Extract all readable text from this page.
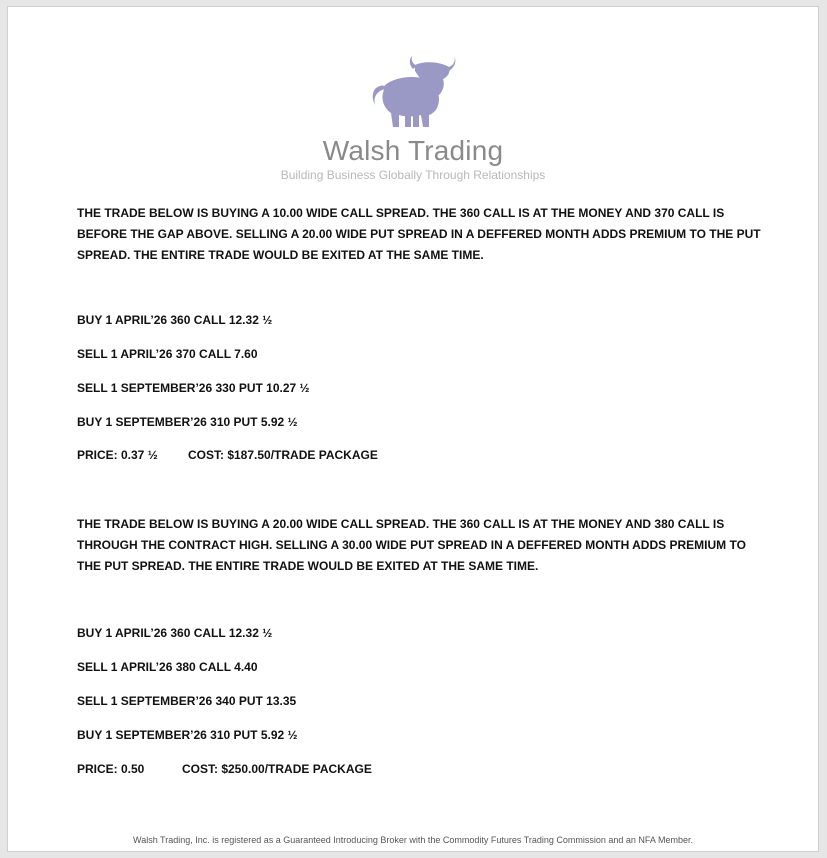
Walsh Trading
Building Business Globally Through Relationships

THE TRADE BELOW IS BUYING A 10.00 WIDE CALL SPREAD. THE 360 CALL IS AT THE MONEY AND 370 CALL IS BEFORE THE GAP ABOVE. SELLING A 20.00 WIDE PUT SPREAD IN A DEFFERED MONTH ADDS PREMIUM TO THE PUT SPREAD. THE ENTIRE TRADE WOULD BE EXITED AT THE SAME TIME.

BUY 1 APRIL’26 360 CALL 12.32 ½

SELL 1 APRIL’26 370 CALL 7.60

SELL 1 SEPTEMBER’26 330 PUT 10.27 ½

BUY 1 SEPTEMBER’26 310 PUT 5.92 ½

PRICE: 0.37 ½	COST: $187.50/TRADE PACKAGE

THE TRADE BELOW IS BUYING A 20.00 WIDE CALL SPREAD. THE 360 CALL IS AT THE MONEY AND 380 CALL IS THROUGH THE CONTRACT HIGH. SELLING A 30.00 WIDE PUT SPREAD IN A DEFFERED MONTH ADDS PREMIUM TO THE PUT SPREAD. THE ENTIRE TRADE WOULD BE EXITED AT THE SAME TIME.

BUY 1 APRIL’26 360 CALL 12.32 ½

SELL 1 APRIL’26 380 CALL 4.40

SELL 1 SEPTEMBER’26 340 PUT 13.35

BUY 1 SEPTEMBER’26 310 PUT 5.92 ½

PRICE: 0.50	COST: $250.00/TRADE PACKAGE

Walsh Trading, Inc. is registered as a Guaranteed Introducing Broker with the Commodity Futures Trading Commission and an NFA Member.
